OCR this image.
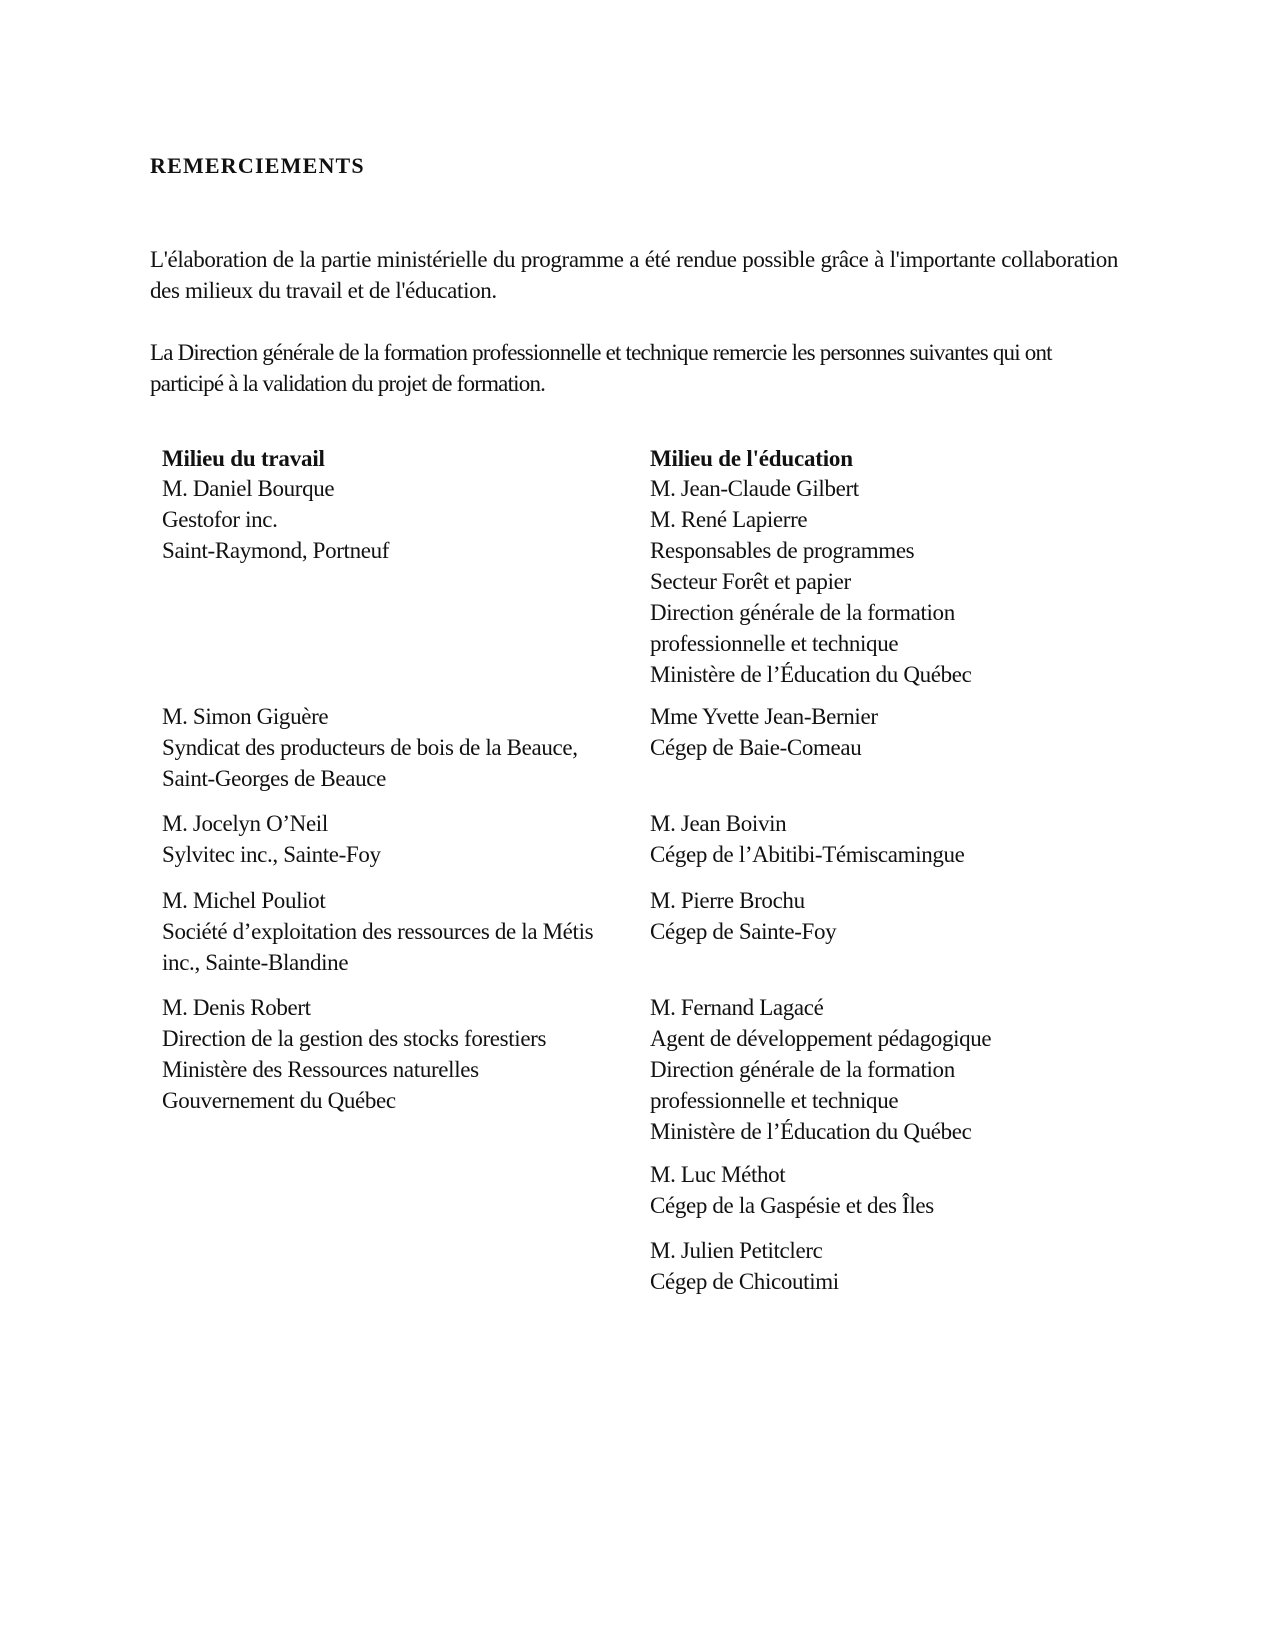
REMERCIEMENTS
L'élaboration de la partie ministérielle du programme a été rendue possible grâce à l'importante collaboration des milieux du travail et de l'éducation.
La Direction générale de la formation professionnelle et technique remercie les personnes suivantes qui ont participé à la validation du projet de formation.
Milieu du travail	Milieu de l'éducation
M. Daniel Bourque
Gestofor inc.
Saint-Raymond, Portneuf
M. Simon Giguère
Syndicat des producteurs de bois de la Beauce,
Saint-Georges de Beauce
M. Jocelyn O’Neil
Sylvitec inc., Sainte-Foy
M. Michel Pouliot
Société d’exploitation des ressources de la Métis
inc., Sainte-Blandine
M. Denis Robert
Direction de la gestion des stocks forestiers
Ministère des Ressources naturelles
Gouvernement du Québec
M. Jean-Claude Gilbert
M. René Lapierre
Responsables de programmes
Secteur Forêt et papier
Direction générale de la formation
professionnelle et technique
Ministère de l’Éducation du Québec
Mme Yvette Jean-Bernier
Cégep de Baie-Comeau
M. Jean Boivin
Cégep de l’Abitibi-Témiscamingue
M. Pierre Brochu
Cégep de Sainte-Foy
M. Fernand Lagacé
Agent de développement pédagogique
Direction générale de la formation
professionnelle et technique
Ministère de l’Éducation du Québec
M. Luc Méthot
Cégep de la Gaspésie et des Îles
M. Julien Petitclerc
Cégep de Chicoutimi
